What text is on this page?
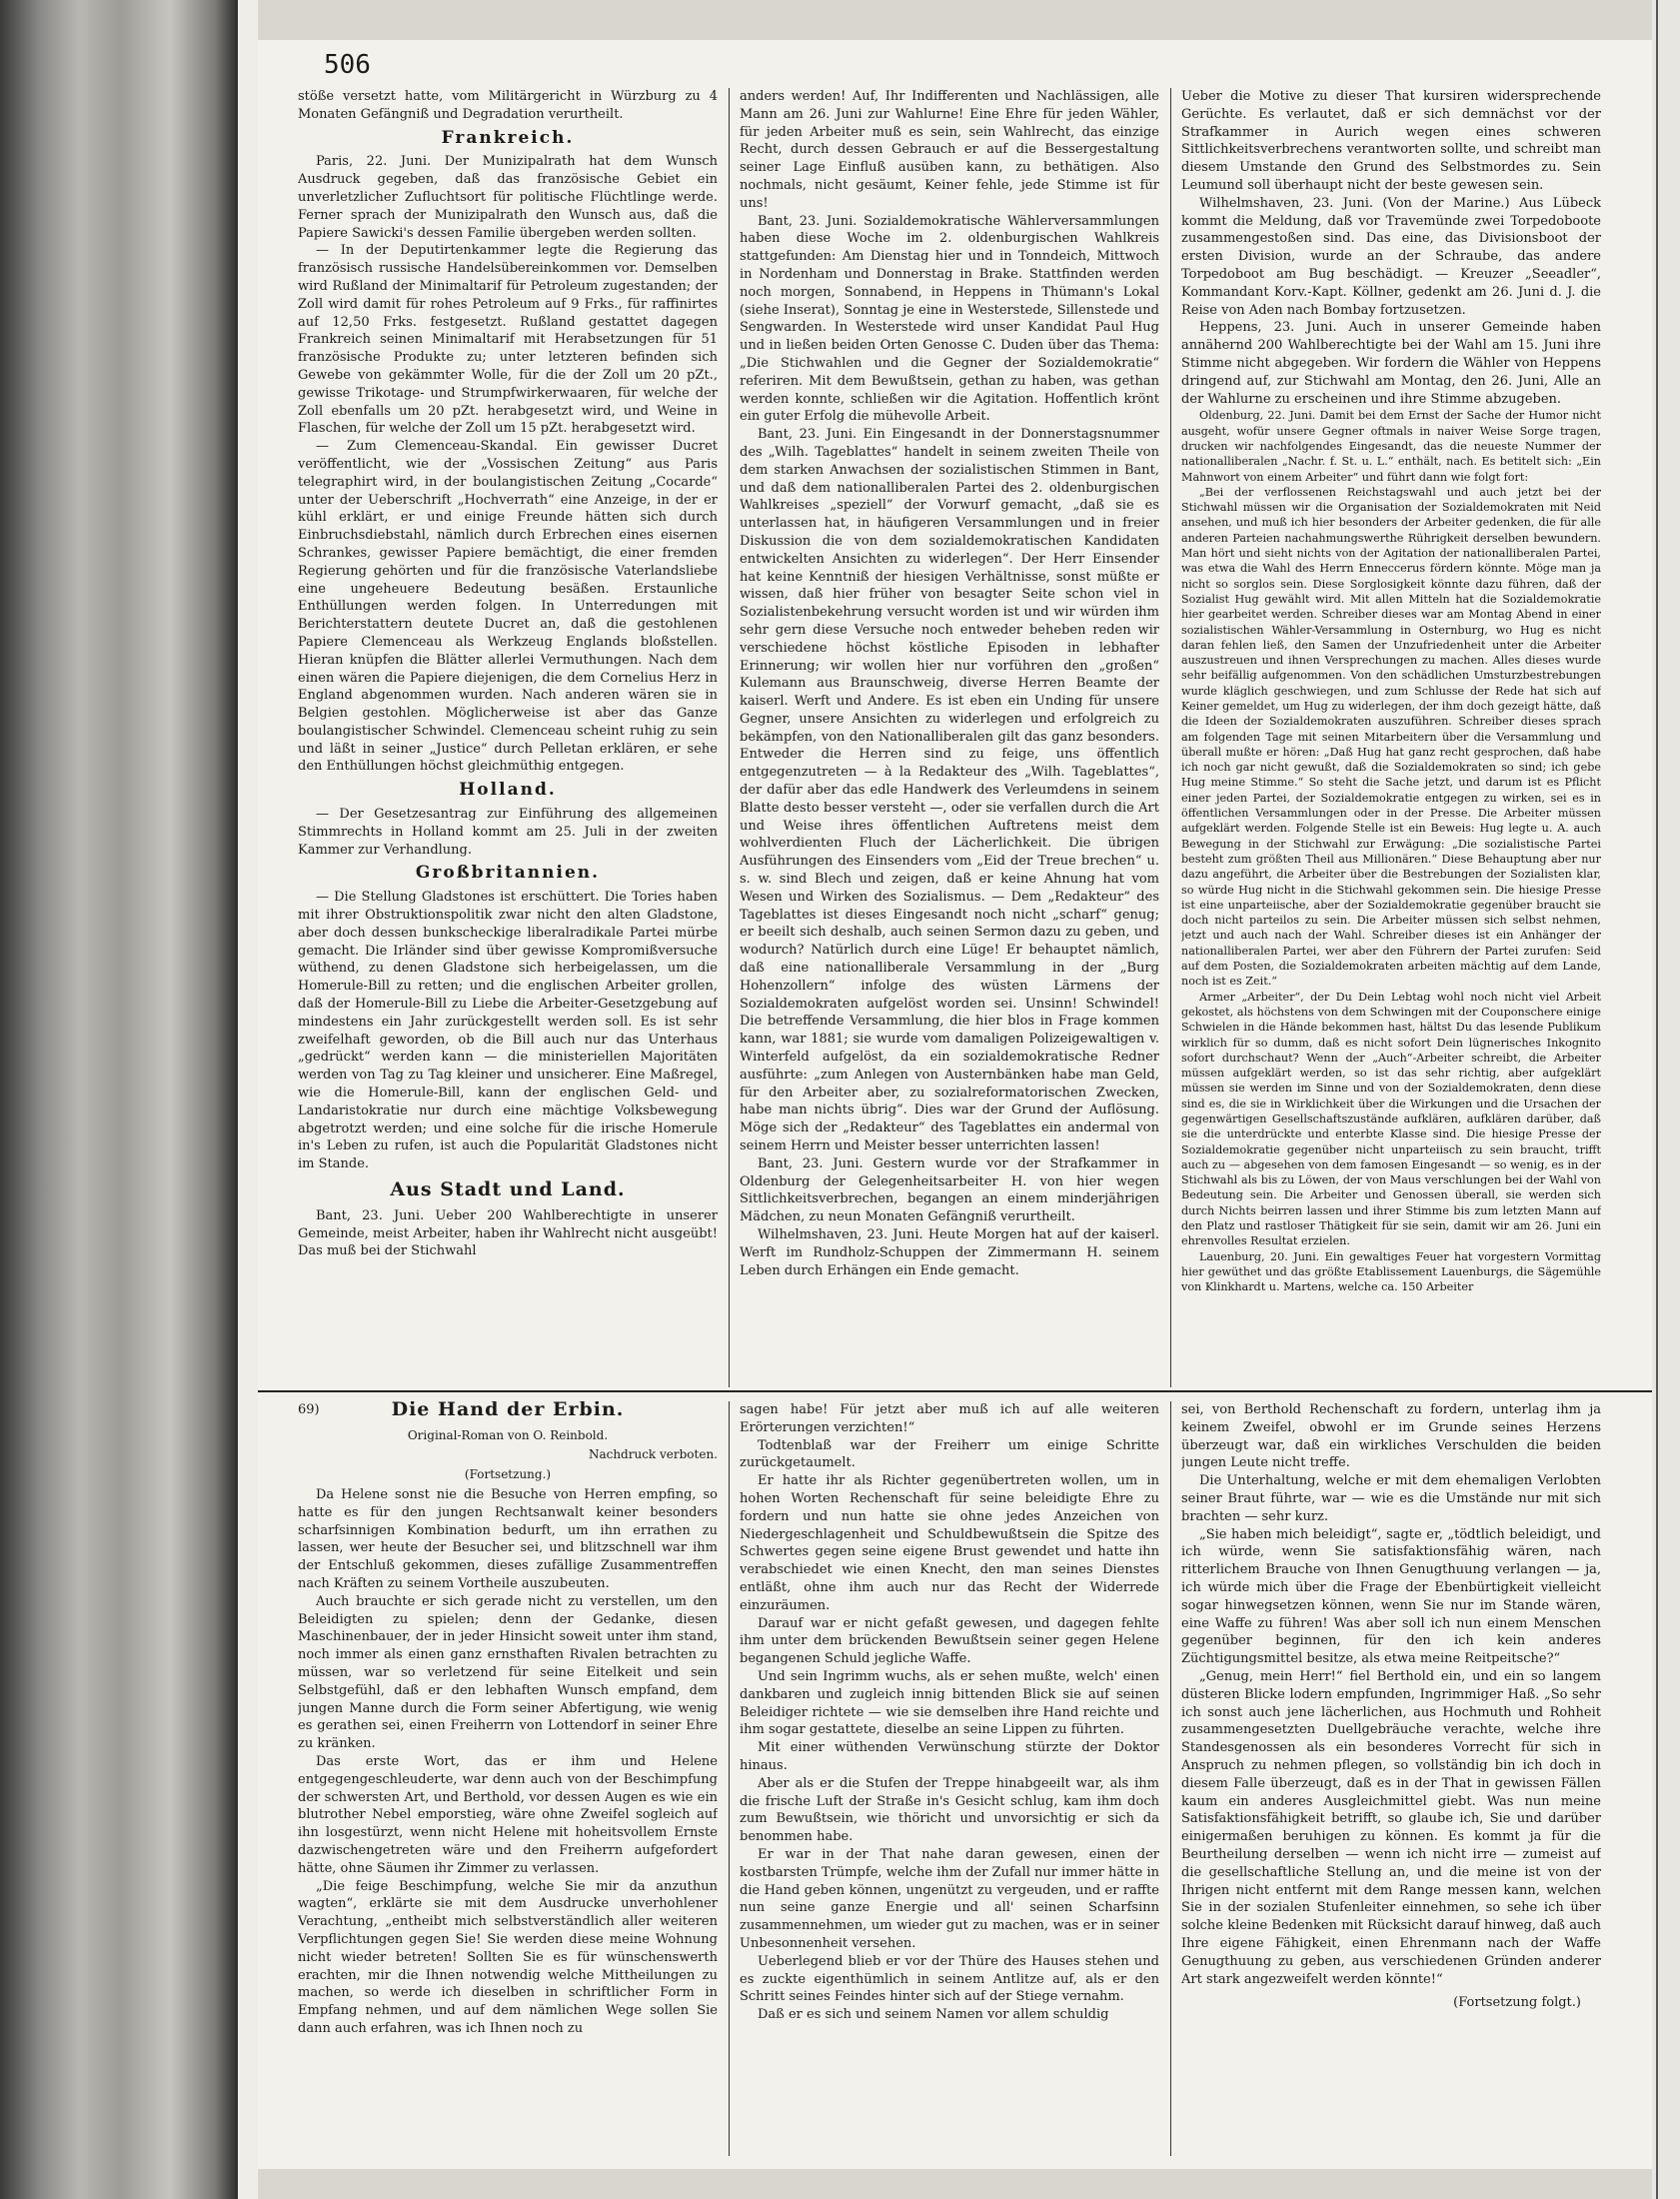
506

stöße versetzt hatte, vom Militärgericht in Würzburg zu 4 Monaten Gefängniß und Degradation verurtheilt.

Frankreich.

Paris, 22. Juni. Der Munizipalrath hat dem Wunsch Ausdruck gegeben, daß das französische Gebiet ein unverletzlicher Zufluchtsort für politische Flüchtlinge werde. Ferner sprach der Munizipalrath den Wunsch aus, daß die Papiere Sawicki's dessen Familie übergeben werden sollten.

— In der Deputirtenkammer legte die Regierung das französisch russische Handelsübereinkommen vor. Demselben wird Rußland der Minimaltarif für Petroleum zugestanden; der Zoll wird damit für rohes Petroleum auf 9 Frks., für raffinirtes auf 12,50 Frks. festgesetzt. Rußland gestattet dagegen Frankreich seinen Minimaltarif mit Herabsetzungen für 51 französische Produkte zu; unter letzteren befinden sich Gewebe von gekämmter Wolle, für die der Zoll um 20 pZt., gewisse Trikotage- und Strumpfwirkerwaaren, für welche der Zoll ebenfalls um 20 pZt. herabgesetzt wird, und Weine in Flaschen, für welche der Zoll um 15 pZt. herabgesetzt wird.

— Zum Clemenceau-Skandal. Ein gewisser Ducret veröffentlicht, wie der „Vossischen Zeitung“ aus Paris telegraphirt wird, in der boulangistischen Zeitung „Cocarde“ unter der Ueberschrift „Hochverrath“ eine Anzeige, in der er kühl erklärt, er und einige Freunde hätten sich durch Einbruchsdiebstahl, nämlich durch Erbrechen eines eisernen Schrankes, gewisser Papiere bemächtigt, die einer fremden Regierung gehörten und für die französische Vaterlandsliebe eine ungeheuere Bedeutung besäßen. Erstaunliche Enthüllungen werden folgen. In Unterredungen mit Berichterstattern deutete Ducret an, daß die gestohlenen Papiere Clemenceau als Werkzeug Englands bloßstellen. Hieran knüpfen die Blätter allerlei Vermuthungen. Nach dem einen wären die Papiere diejenigen, die dem Cornelius Herz in England abgenommen wurden. Nach anderen wären sie in Belgien gestohlen. Möglicherweise ist aber das Ganze boulangistischer Schwindel. Clemenceau scheint ruhig zu sein und läßt in seiner „Justice“ durch Pelletan erklären, er sehe den Enthüllungen höchst gleichmüthig entgegen.

Holland.

— Der Gesetzesantrag zur Einführung des allgemeinen Stimmrechts in Holland kommt am 25. Juli in der zweiten Kammer zur Verhandlung.

Großbritannien.

— Die Stellung Gladstones ist erschüttert. Die Tories haben mit ihrer Obstruktionspolitik zwar nicht den alten Gladstone, aber doch dessen bunkscheckige liberalradikale Partei mürbe gemacht. Die Irländer sind über gewisse Kompromißversuche wüthend, zu denen Gladstone sich herbeigelassen, um die Homerule-Bill zu retten; und die englischen Arbeiter grollen, daß der Homerule-Bill zu Liebe die Arbeiter-Gesetzgebung auf mindestens ein Jahr zurückgestellt werden soll. Es ist sehr zweifelhaft geworden, ob die Bill auch nur das Unterhaus „gedrückt“ werden kann — die ministeriellen Majoritäten werden von Tag zu Tag kleiner und unsicherer. Eine Maßregel, wie die Homerule-Bill, kann der englischen Geld- und Landaristokratie nur durch eine mächtige Volksbewegung abgetrotzt werden; und eine solche für die irische Homerule in's Leben zu rufen, ist auch die Popularität Gladstones nicht im Stande.

Aus Stadt und Land.

Bant, 23. Juni. Ueber 200 Wahlberechtigte in unserer Gemeinde, meist Arbeiter, haben ihr Wahlrecht nicht ausgeübt! Das muß bei der Stichwahl

anders werden! Auf, Ihr Indifferenten und Nachlässigen, alle Mann am 26. Juni zur Wahlurne! Eine Ehre für jeden Wähler, für jeden Arbeiter muß es sein, sein Wahlrecht, das einzige Recht, durch dessen Gebrauch er auf die Bessergestaltung seiner Lage Einfluß ausüben kann, zu bethätigen. Also nochmals, nicht gesäumt, Keiner fehle, jede Stimme ist für uns!

Bant, 23. Juni. Sozialdemokratische Wählerversammlungen haben diese Woche im 2. oldenburgischen Wahlkreis stattgefunden: Am Dienstag hier und in Tonndeich, Mittwoch in Nordenham und Donnerstag in Brake. Stattfinden werden noch morgen, Sonnabend, in Heppens in Thümann's Lokal (siehe Inserat), Sonntag je eine in Westerstede, Sillenstede und Sengwarden. In Westerstede wird unser Kandidat Paul Hug und in ließen beiden Orten Genosse C. Duden über das Thema: „Die Stichwahlen und die Gegner der Sozialdemokratie“ referiren. Mit dem Bewußtsein, gethan zu haben, was gethan werden konnte, schließen wir die Agitation. Hoffentlich krönt ein guter Erfolg die mühevolle Arbeit.

Bant, 23. Juni. Ein Eingesandt in der Donnerstagsnummer des „Wilh. Tageblattes“ handelt in seinem zweiten Theile von dem starken Anwachsen der sozialistischen Stimmen in Bant, und daß dem nationalliberalen Partei des 2. oldenburgischen Wahlkreises „speziell“ der Vorwurf gemacht, „daß sie es unterlassen hat, in häufigeren Versammlungen und in freier Diskussion die von dem sozialdemokratischen Kandidaten entwickelten Ansichten zu widerlegen“. Der Herr Einsender hat keine Kenntniß der hiesigen Verhältnisse, sonst müßte er wissen, daß hier früher von besagter Seite schon viel in Sozialistenbekehrung versucht worden ist und wir würden ihm sehr gern diese Versuche noch entweder beheben reden wir verschiedene höchst köstliche Episoden in lebhafter Erinnerung; wir wollen hier nur vorführen den „großen“ Kulemann aus Braunschweig, diverse Herren Beamte der kaiserl. Werft und Andere. Es ist eben ein Unding für unsere Gegner, unsere Ansichten zu widerlegen und erfolgreich zu bekämpfen, von den Nationalliberalen gilt das ganz besonders. Entweder die Herren sind zu feige, uns öffentlich entgegenzutreten — à la Redakteur des „Wilh. Tageblattes“, der dafür aber das edle Handwerk des Verleumdens in seinem Blatte desto besser versteht —, oder sie verfallen durch die Art und Weise ihres öffentlichen Auftretens meist dem wohlverdienten Fluch der Lächerlichkeit. Die übrigen Ausführungen des Einsenders vom „Eid der Treue brechen“ u. s. w. sind Blech und zeigen, daß er keine Ahnung hat vom Wesen und Wirken des Sozialismus. — Dem „Redakteur“ des Tageblattes ist dieses Eingesandt noch nicht „scharf“ genug; er beeilt sich deshalb, auch seinen Sermon dazu zu geben, und wodurch? Natürlich durch eine Lüge! Er behauptet nämlich, daß eine nationalliberale Versammlung in der „Burg Hohenzollern“ infolge des wüsten Lärmens der Sozialdemokraten aufgelöst worden sei. Unsinn! Schwindel! Die betreffende Versammlung, die hier blos in Frage kommen kann, war 1881; sie wurde vom damaligen Polizeigewaltigen v. Winterfeld aufgelöst, da ein sozialdemokratische Redner ausführte: „zum Anlegen von Austernbänken habe man Geld, für den Arbeiter aber, zu sozialreformatorischen Zwecken, habe man nichts übrig“. Dies war der Grund der Auflösung. Möge sich der „Redakteur“ des Tageblattes ein andermal von seinem Herrn und Meister besser unterrichten lassen!

Bant, 23. Juni. Gestern wurde vor der Strafkammer in Oldenburg der Gelegenheitsarbeiter H. von hier wegen Sittlichkeitsverbrechen, begangen an einem minderjährigen Mädchen, zu neun Monaten Gefängniß verurtheilt.

Wilhelmshaven, 23. Juni. Heute Morgen hat auf der kaiserl. Werft im Rundholz-Schuppen der Zimmermann H. seinem Leben durch Erhängen ein Ende gemacht.

Ueber die Motive zu dieser That kursiren widersprechende Gerüchte. Es verlautet, daß er sich demnächst vor der Strafkammer in Aurich wegen eines schweren Sittlichkeitsverbrechens verantworten sollte, und schreibt man diesem Umstande den Grund des Selbstmordes zu. Sein Leumund soll überhaupt nicht der beste gewesen sein.

Wilhelmshaven, 23. Juni. (Von der Marine.) Aus Lübeck kommt die Meldung, daß vor Travemünde zwei Torpedoboote zusammengestoßen sind. Das eine, das Divisionsboot der ersten Division, wurde an der Schraube, das andere Torpedoboot am Bug beschädigt. — Kreuzer „Seeadler“, Kommandant Korv.-Kapt. Köllner, gedenkt am 26. Juni d. J. die Reise von Aden nach Bombay fortzusetzen.

Heppens, 23. Juni. Auch in unserer Gemeinde haben annähernd 200 Wahlberechtigte bei der Wahl am 15. Juni ihre Stimme nicht abgegeben. Wir fordern die Wähler von Heppens dringend auf, zur Stichwahl am Montag, den 26. Juni, Alle an der Wahlurne zu erscheinen und ihre Stimme abzugeben.

Oldenburg, 22. Juni. Damit bei dem Ernst der Sache der Humor nicht ausgeht, wofür unsere Gegner oftmals in naiver Weise Sorge tragen, drucken wir nachfolgendes Eingesandt, das die neueste Nummer der nationalliberalen „Nachr. f. St. u. L.“ enthält, nach. Es betitelt sich: „Ein Mahnwort von einem Arbeiter“ und führt dann wie folgt fort:

„Bei der verflossenen Reichstagswahl und auch jetzt bei der Stichwahl müssen wir die Organisation der Sozialdemokraten mit Neid ansehen, und muß ich hier besonders der Arbeiter gedenken, die für alle anderen Parteien nachahmungswerthe Rührigkeit derselben bewundern. Man hört und sieht nichts von der Agitation der nationalliberalen Partei, was etwa die Wahl des Herrn Enneccerus fördern könnte. Möge man ja nicht so sorglos sein. Diese Sorglosigkeit könnte dazu führen, daß der Sozialist Hug gewählt wird. Mit allen Mitteln hat die Sozialdemokratie hier gearbeitet werden. Schreiber dieses war am Montag Abend in einer sozialistischen Wähler-Versammlung in Osternburg, wo Hug es nicht daran fehlen ließ, den Samen der Unzufriedenheit unter die Arbeiter auszustreuen und ihnen Versprechungen zu machen. Alles dieses wurde sehr beifällig aufgenommen. Von den schädlichen Umsturzbestrebungen wurde kläglich geschwiegen, und zum Schlusse der Rede hat sich auf Keiner gemeldet, um Hug zu widerlegen, der ihm doch gezeigt hätte, daß die Ideen der Sozialdemokraten auszuführen. Schreiber dieses sprach am folgenden Tage mit seinen Mitarbeitern über die Versammlung und überall mußte er hören: „Daß Hug hat ganz recht gesprochen, daß habe ich noch gar nicht gewußt, daß die Sozialdemokraten so sind; ich gebe Hug meine Stimme.“ So steht die Sache jetzt, und darum ist es Pflicht einer jeden Partei, der Sozialdemokratie entgegen zu wirken, sei es in öffentlichen Versammlungen oder in der Presse. Die Arbeiter müssen aufgeklärt werden. Folgende Stelle ist ein Beweis: Hug legte u. A. auch Bewegung in der Stichwahl zur Erwägung: „Die sozialistische Partei besteht zum größten Theil aus Millionären.“ Diese Behauptung aber nur dazu angeführt, die Arbeiter über die Bestrebungen der Sozialisten klar, so würde Hug nicht in die Stichwahl gekommen sein. Die hiesige Presse ist eine unparteiische, aber der Sozialdemokratie gegenüber braucht sie doch nicht parteilos zu sein. Die Arbeiter müssen sich selbst nehmen, jetzt und auch nach der Wahl. Schreiber dieses ist ein Anhänger der nationalliberalen Partei, wer aber den Führern der Partei zurufen: Seid auf dem Posten, die Sozialdemokraten arbeiten mächtig auf dem Lande, noch ist es Zeit.“

Armer „Arbeiter“, der Du Dein Lebtag wohl noch nicht viel Arbeit gekostet, als höchstens von dem Schwingen mit der Couponschere einige Schwielen in die Hände bekommen hast, hältst Du das lesende Publikum wirklich für so dumm, daß es nicht sofort Dein lügnerisches Inkognito sofort durchschaut? Wenn der „Auch“-Arbeiter schreibt, die Arbeiter müssen aufgeklärt werden, so ist das sehr richtig, aber aufgeklärt müssen sie werden im Sinne und von der Sozialdemokraten, denn diese sind es, die sie in Wirklichkeit über die Wirkungen und die Ursachen der gegenwärtigen Gesellschaftszustände aufklären, aufklären darüber, daß sie die unterdrückte und enterbte Klasse sind. Die hiesige Presse der Sozialdemokratie gegenüber nicht unparteiisch zu sein braucht, trifft auch zu — abgesehen von dem famosen Eingesandt — so wenig, es in der Stichwahl als bis zu Löwen, der von Maus verschlungen bei der Wahl von Bedeutung sein. Die Arbeiter und Genossen überall, sie werden sich durch Nichts beirren lassen und ihrer Stimme bis zum letzten Mann auf den Platz und rastloser Thätigkeit für sie sein, damit wir am 26. Juni ein ehrenvolles Resultat erzielen.

Lauenburg, 20. Juni. Ein gewaltiges Feuer hat vorgestern Vormittag hier gewüthet und das größte Etablissement Lauenburgs, die Sägemühle von Klinkhardt u. Martens, welche ca. 150 Arbeiter

69)	Die Hand der Erbin.
Original-Roman von O. Reinbold.
Nachdruck verboten.
(Fortsetzung.)

Da Helene sonst nie die Besuche von Herren empfing, so hatte es für den jungen Rechtsanwalt keiner besonders scharfsinnigen Kombination bedurft, um ihn errathen zu lassen, wer heute der Besucher sei, und blitzschnell war ihm der Entschluß gekommen, dieses zufällige Zusammentreffen nach Kräften zu seinem Vortheile auszubeuten.

Auch brauchte er sich gerade nicht zu verstellen, um den Beleidigten zu spielen; denn der Gedanke, diesen Maschinenbauer, der in jeder Hinsicht soweit unter ihm stand, noch immer als einen ganz ernsthaften Rivalen betrachten zu müssen, war so verletzend für seine Eitelkeit und sein Selbstgefühl, daß er den lebhaften Wunsch empfand, dem jungen Manne durch die Form seiner Abfertigung, wie wenig es gerathen sei, einen Freiherrn von Lottendorf in seiner Ehre zu kränken.

Das erste Wort, das er ihm und Helene entgegengeschleuderte, war denn auch von der Beschimpfung der schwersten Art, und Berthold, vor dessen Augen es wie ein blutrother Nebel emporstieg, wäre ohne Zweifel sogleich auf ihn losgestürzt, wenn nicht Helene mit hoheitsvollem Ernste dazwischengetreten wäre und den Freiherrn aufgefordert hätte, ohne Säumen ihr Zimmer zu verlassen.

„Die feige Beschimpfung, welche Sie mir da anzuthun wagten“, erklärte sie mit dem Ausdrucke unverhohlener Verachtung, „entheibt mich selbstverständlich aller weiteren Verpflichtungen gegen Sie! Sie werden diese meine Wohnung nicht wieder betreten! Sollten Sie es für wünschenswerth erachten, mir die Ihnen notwendig welche Mittheilungen zu machen, so werde ich dieselben in schriftlicher Form in Empfang nehmen, und auf dem nämlichen Wege sollen Sie dann auch erfahren, was ich Ihnen noch zu

sagen habe! Für jetzt aber muß ich auf alle weiteren Erörterungen verzichten!“

Todtenblaß war der Freiherr um einige Schritte zurückgetaumelt.

Er hatte ihr als Richter gegenübertreten wollen, um in hohen Worten Rechenschaft für seine beleidigte Ehre zu fordern und nun hatte sie ohne jedes Anzeichen von Niedergeschlagenheit und Schuldbewußtsein die Spitze des Schwertes gegen seine eigene Brust gewendet und hatte ihn verabschiedet wie einen Knecht, den man seines Dienstes entläßt, ohne ihm auch nur das Recht der Widerrede einzuräumen.

Darauf war er nicht gefaßt gewesen, und dagegen fehlte ihm unter dem brückenden Bewußtsein seiner gegen Helene begangenen Schuld jegliche Waffe.

Und sein Ingrimm wuchs, als er sehen mußte, welch' einen dankbaren und zugleich innig bittenden Blick sie auf seinen Beleidiger richtete — wie sie demselben ihre Hand reichte und ihm sogar gestattete, dieselbe an seine Lippen zu führten.

Mit einer wüthenden Verwünschung stürzte der Doktor hinaus.

Aber als er die Stufen der Treppe hinabgeeilt war, als ihm die frische Luft der Straße in's Gesicht schlug, kam ihm doch zum Bewußtsein, wie thöricht und unvorsichtig er sich da benommen habe.

Er war in der That nahe daran gewesen, einen der kostbarsten Trümpfe, welche ihm der Zufall nur immer hätte in die Hand geben können, ungenützt zu vergeuden, und er raffte nun seine ganze Energie und all' seinen Scharfsinn zusammennehmen, um wieder gut zu machen, was er in seiner Unbesonnenheit versehen.

Ueberlegend blieb er vor der Thüre des Hauses stehen und es zuckte eigenthümlich in seinem Antlitze auf, als er den Schritt seines Feindes hinter sich auf der Stiege vernahm.

Daß er es sich und seinem Namen vor allem schuldig

sei, von Berthold Rechenschaft zu fordern, unterlag ihm ja keinem Zweifel, obwohl er im Grunde seines Herzens überzeugt war, daß ein wirkliches Verschulden die beiden jungen Leute nicht treffe.

Die Unterhaltung, welche er mit dem ehemaligen Verlobten seiner Braut führte, war — wie es die Umstände nur mit sich brachten — sehr kurz.

„Sie haben mich beleidigt“, sagte er, „tödtlich beleidigt, und ich würde, wenn Sie satisfaktionsfähig wären, nach ritterlichem Brauche von Ihnen Genugthuung verlangen — ja, ich würde mich über die Frage der Ebenbürtigkeit vielleicht sogar hinwegsetzen können, wenn Sie nur im Stande wären, eine Waffe zu führen! Was aber soll ich nun einem Menschen gegenüber beginnen, für den ich kein anderes Züchtigungsmittel besitze, als etwa meine Reitpeitsche?“

„Genug, mein Herr!“ fiel Berthold ein, und ein so langem düsteren Blicke lodern empfunden, Ingrimmiger Haß. „So sehr ich sonst auch jene lächerlichen, aus Hochmuth und Rohheit zusammengesetzten Duellgebräuche verachte, welche ihre Standesgenossen als ein besonderes Vorrecht für sich in Anspruch zu nehmen pflegen, so vollständig bin ich doch in diesem Falle überzeugt, daß es in der That in gewissen Fällen kaum ein anderes Ausgleichmittel giebt. Was nun meine Satisfaktionsfähigkeit betrifft, so glaube ich, Sie und darüber einigermaßen beruhigen zu können. Es kommt ja für die Beurtheilung derselben — wenn ich nicht irre — zumeist auf die gesellschaftliche Stellung an, und die meine ist von der Ihrigen nicht entfernt mit dem Range messen kann, welchen Sie in der sozialen Stufenleiter einnehmen, so sehe ich über solche kleine Bedenken mit Rücksicht darauf hinweg, daß auch Ihre eigene Fähigkeit, einen Ehrenmann nach der Waffe Genugthuung zu geben, aus verschiedenen Gründen anderer Art stark angezweifelt werden könnte!“

(Fortsetzung folgt.)
